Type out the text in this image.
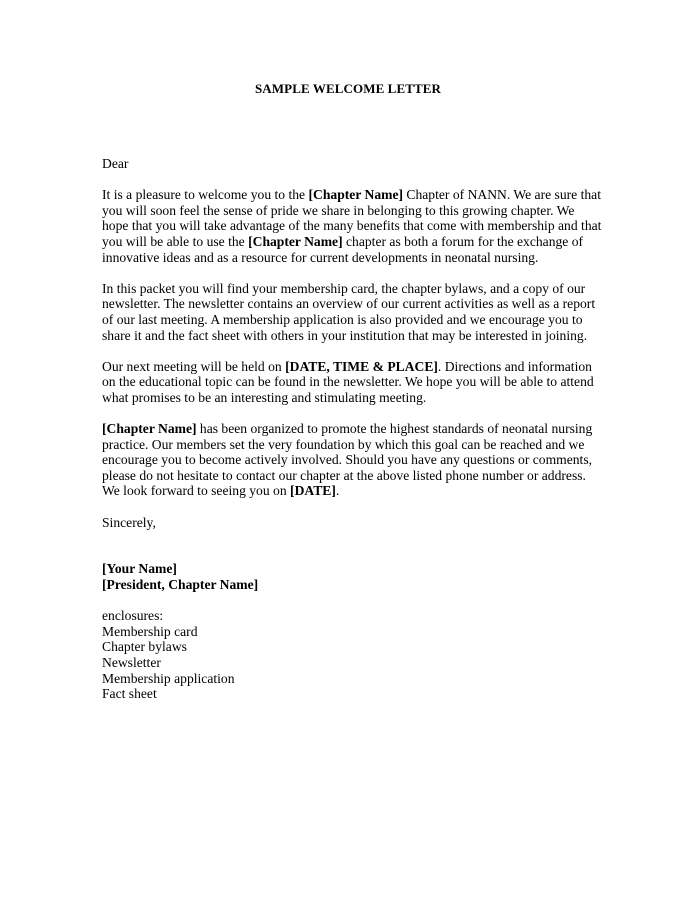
SAMPLE WELCOME LETTER

Dear

It is a pleasure to welcome you to the [Chapter Name] Chapter of NANN. We are sure that you will soon feel the sense of pride we share in belonging to this growing chapter. We hope that you will take advantage of the many benefits that come with membership and that you will be able to use the [Chapter Name] chapter as both a forum for the exchange of innovative ideas and as a resource for current developments in neonatal nursing.

In this packet you will find your membership card, the chapter bylaws, and a copy of our newsletter. The newsletter contains an overview of our current activities as well as a report of our last meeting. A membership application is also provided and we encourage you to share it and the fact sheet with others in your institution that may be interested in joining.

Our next meeting will be held on [DATE, TIME & PLACE]. Directions and information on the educational topic can be found in the newsletter. We hope you will be able to attend what promises to be an interesting and stimulating meeting.

[Chapter Name] has been organized to promote the highest standards of neonatal nursing practice. Our members set the very foundation by which this goal can be reached and we encourage you to become actively involved. Should you have any questions or comments, please do not hesitate to contact our chapter at the above listed phone number or address. We look forward to seeing you on [DATE].

Sincerely,

[Your Name]
[President, Chapter Name]

enclosures:
Membership card
Chapter bylaws
Newsletter
Membership application
Fact sheet
